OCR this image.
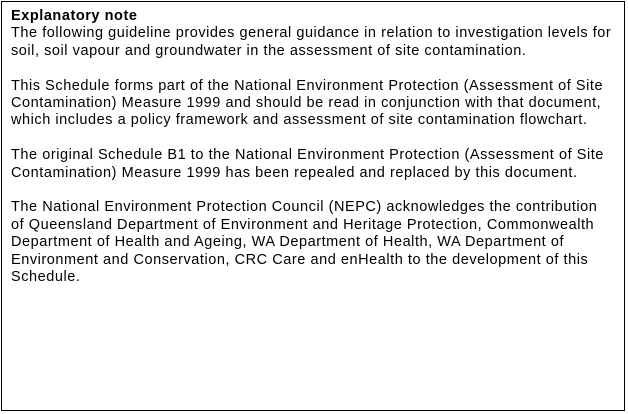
Explanatory note

The following guideline provides general guidance in relation to investigation levels for soil, soil vapour and groundwater in the assessment of site contamination.

This Schedule forms part of the National Environment Protection (Assessment of Site Contamination) Measure 1999 and should be read in conjunction with that document, which includes a policy framework and assessment of site contamination flowchart.

The original Schedule B1 to the National Environment Protection (Assessment of Site Contamination) Measure 1999 has been repealed and replaced by this document.

The National Environment Protection Council (NEPC) acknowledges the contribution of Queensland Department of Environment and Heritage Protection, Commonwealth Department of Health and Ageing, WA Department of Health, WA Department of Environment and Conservation, CRC Care and enHealth to the development of this Schedule.
